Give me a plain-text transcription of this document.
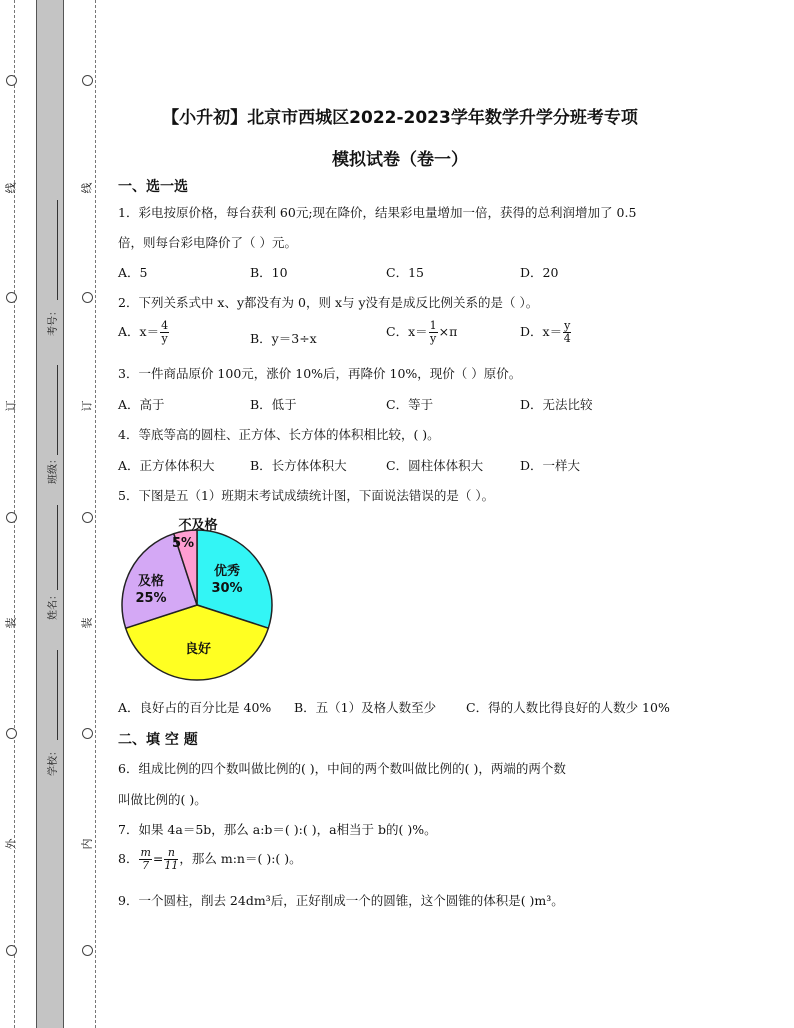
线
订
装
外
线
订
装
内
考号：
班级：
姓名：
学校：
【小升初】北京市西城区2022-2023学年数学升学分班考专项
模拟试卷（卷一）
一、选一选
1．彩电按原价格，每台获利 60元;现在降价，结果彩电量增加一倍，获得的总利润增加了 0.5
倍，则每台彩电降价了（ ）元。
A．5	B．10	C．15	D．20
2．下列关系式中 x、y都没有为 0，则 x与 y没有是成反比例关系的是（ ）。
A．$x= \frac{4}{y}$	B．y＝3÷x	C．$x= \frac{1}{y} \times\pi$	D．$x= \frac{y}{4}$
3．一件商品原价 100元，涨价 10%后，再降价 10%，现价（ ）原价。
A．高于	B．低于	C．等于	D．无法比较
4．等底等高的圆柱、正方体、长方体的体积相比较，( )。
A．正方体体积大	B．长方体体积大	C．圆柱体体积大	D．一样大
5．下图是五（1）班期末考试成绩统计图，下面说法错误的是（ ）。
不及格
5%
优秀
30%
及格
25%
良好
A．良好占的百分比是 40% B．五（1）及格人数至少 C．得的人数比得良好的人数少 10%
二、填 空 题
6．组成比例的四个数叫做比例的( )，中间的两个数叫做比例的( )，两端的两个数
叫做比例的( )。
7．如果 4a＝5b，那么 a:b＝( ):( )，a相当于 b的( )%。
8． $\frac{m}{7} = \frac{n}{11}$ ，那么 m:n＝( ):( )。
9．一个圆柱，削去 24dm³后，正好削成一个的圆锥，这个圆锥的体积是( )m³。
